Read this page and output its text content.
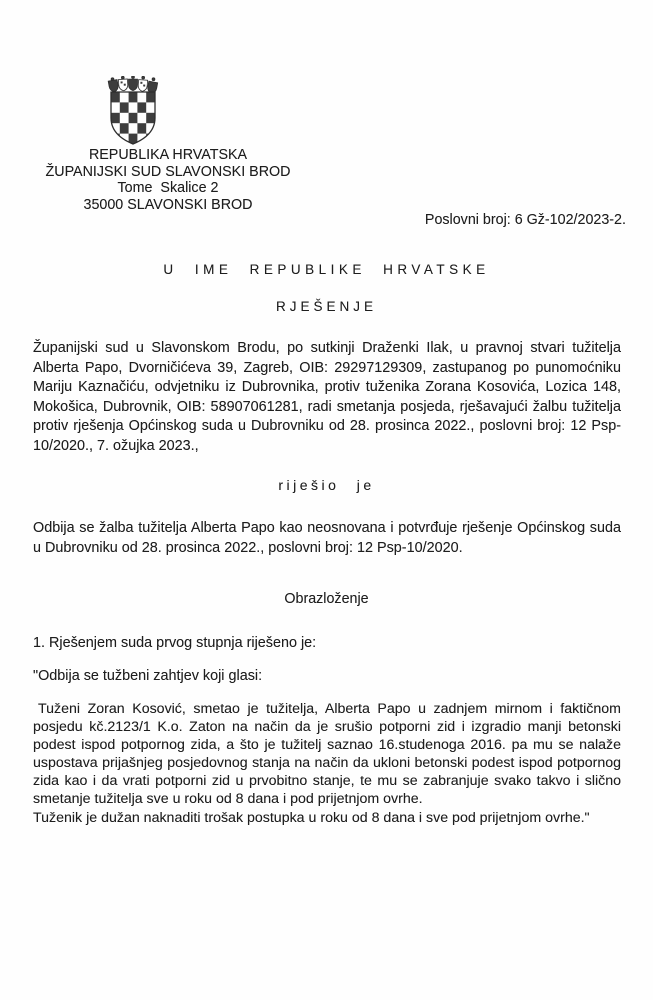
REPUBLIKA HRVATSKA
ŽUPANIJSKI SUD SLAVONSKI BROD
Tome  Skalice 2
35000 SLAVONSKI BROD
Poslovni broj: 6 Gž-102/2023-2.
U IME REPUBLIKE HRVATSKE
RJEŠENJE
Županijski sud u Slavonskom Brodu, po sutkinji Draženki Ilak, u pravnoj stvari tužitelja Alberta Papo, Dvorničićeva 39, Zagreb, OIB: 29297129309, zastupanog po punomoćniku Mariju Kaznačiću, odvjetniku iz Dubrovnika, protiv tuženika Zorana Kosovića, Lozica 148, Mokošica, Dubrovnik, OIB: 58907061281, radi smetanja posjeda, rješavajući žalbu tužitelja protiv rješenja Općinskog suda u Dubrovniku od 28. prosinca 2022., poslovni broj: 12 Psp-10/2020., 7. ožujka 2023.,
riješio je
Odbija se žalba tužitelja Alberta Papo kao neosnovana i potvrđuje rješenje Općinskog suda u Dubrovniku od 28. prosinca 2022., poslovni broj: 12 Psp-10/2020.
Obrazloženje
1. Rješenjem suda prvog stupnja riješeno je:
"Odbija se tužbeni zahtjev koji glasi:
Tuženi Zoran Kosović, smetao je tužitelja, Alberta Papo u zadnjem mirnom i faktičnom posjedu kč.2123/1 K.o. Zaton na način da je srušio potporni zid i izgradio manji betonski podest ispod potpornog zida, a što je tužitelj saznao 16.studenoga 2016. pa mu se nalaže uspostava prijašnjeg posjedovnog stanja na način da ukloni betonski podest ispod potpornog zida kao i da vrati potporni zid u prvobitno stanje, te mu se zabranjuje svako takvo i slično smetanje tužitelja sve u roku od 8 dana i pod prijetnjom ovrhe.
Tuženik je dužan naknaditi trošak postupka u roku od 8 dana i sve pod prijetnjom ovrhe."
